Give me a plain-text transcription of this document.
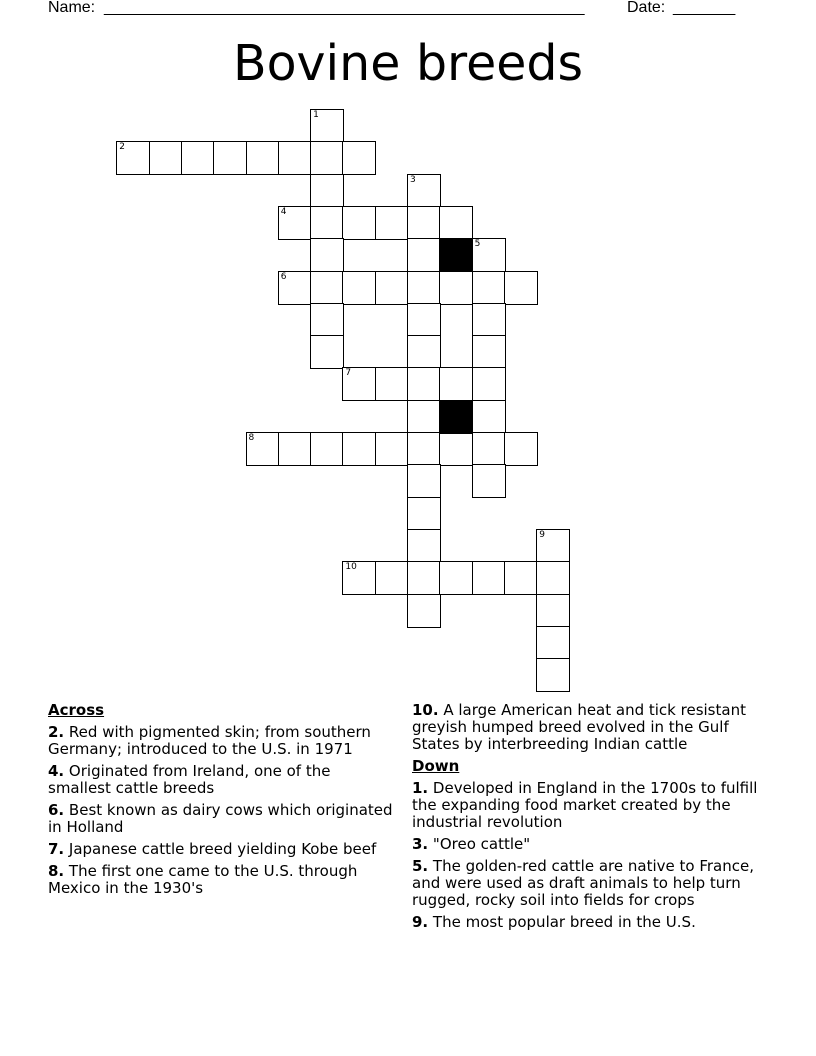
Name: ______________________________________________________	Date: _______
Bovine breeds
1
2
3
4
5
6
7
8
9
10
Across
2. Red with pigmented skin; from southern Germany; introduced to the U.S. in 1971
4. Originated from Ireland, one of the smallest cattle breeds
6. Best known as dairy cows which originated in Holland
7. Japanese cattle breed yielding Kobe beef
8. The first one came to the U.S. through Mexico in the 1930's
10. A large American heat and tick resistant greyish humped breed evolved in the Gulf States by interbreeding Indian cattle
Down
1. Developed in England in the 1700s to fulfill the expanding food market created by the industrial revolution
3. "Oreo cattle"
5. The golden-red cattle are native to France, and were used as draft animals to help turn rugged, rocky soil into fields for crops
9. The most popular breed in the U.S.
